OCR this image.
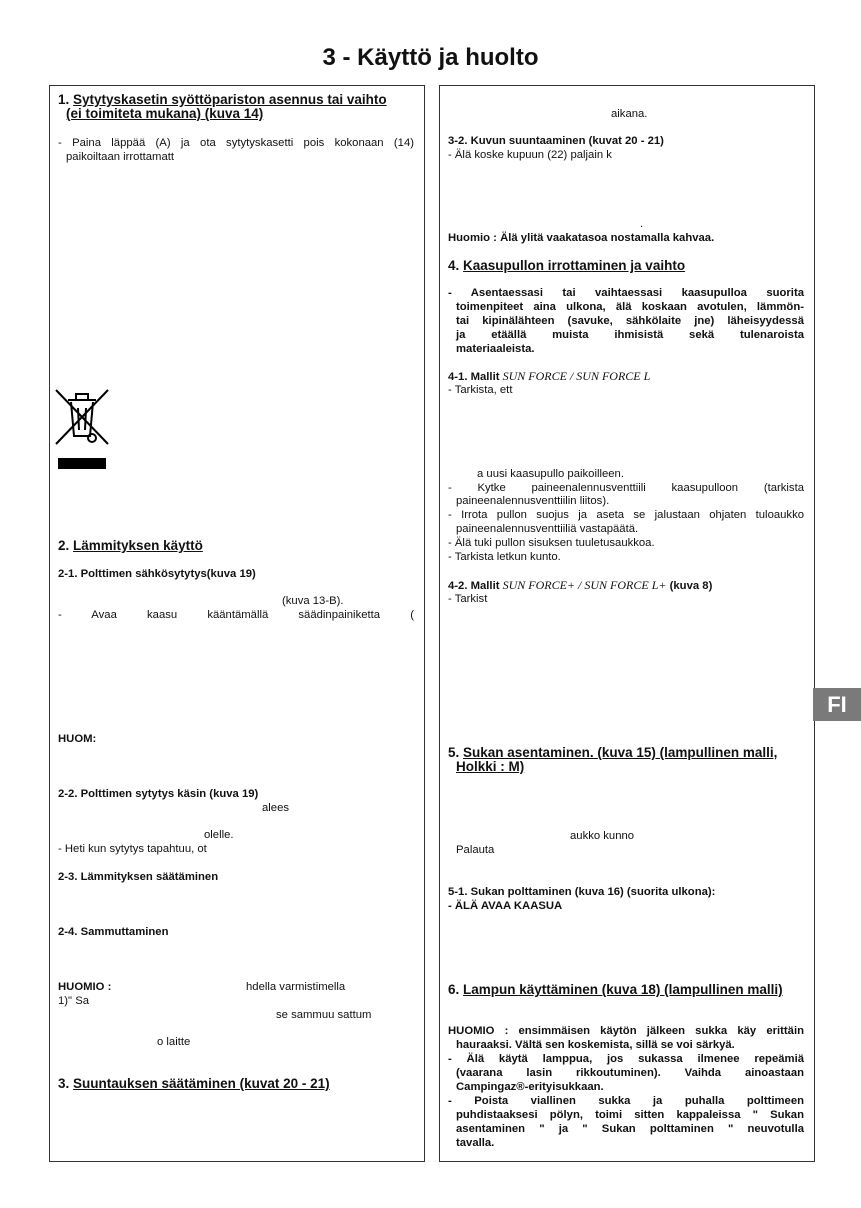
3 - Käyttö ja huolto
1. Sytytyskasetin syöttöpariston asennus tai vaihto
(ei toimiteta mukana) (kuva 14)
- Paina läppää (A) ja ota sytytyskasetti pois kokonaan (14)
paikoiltaan irrottamatt
2. Lämmityksen käyttö
2-1. Polttimen sähkösytytys(kuva 19)
(kuva 13-B).
- Avaa kaasu kääntämällä säädinpainiketta (
HUOM:
2-2. Polttimen sytytys käsin (kuva 19)
alees
olelle.
- Heti kun sytytys tapahtuu, ot
2-3. Lämmityksen säätäminen
2-4. Sammuttaminen
HUOMIO :	hdella varmistimella
1)" Sa
se sammuu sattum
o laitte
3. Suuntauksen säätäminen (kuvat 20 - 21)
aikana.
3-2. Kuvun suuntaaminen (kuvat 20 - 21)
- Älä koske kupuun (22) paljain k
.
Huomio : Älä ylitä vaakatasoa nostamalla kahvaa.
4. Kaasupullon irrottaminen ja vaihto
- Asentaessasi tai vaihtaessasi kaasupulloa suorita
toimenpiteet aina ulkona, älä koskaan avotulen, lämmön-
tai kipinälähteen (savuke, sähkölaite jne) läheisyydessä
ja etäällä muista ihmisistä sekä tulenaroista
materiaaleista.
4-1. Mallit SUN FORCE / SUN FORCE L
- Tarkista, ett
a uusi kaasupullo paikoilleen.
- Kytke paineenalennusventtiili kaasupulloon (tarkista
paineenalennusventtiilin liitos).
- Irrota pullon suojus ja aseta se jalustaan ohjaten tuloaukko
paineenalennusventtiiliä vastapäätä.
- Älä tuki pullon sisuksen tuuletusaukkoa.
- Tarkista letkun kunto.
4-2. Mallit SUN FORCE+ / SUN FORCE L+ (kuva 8)
- Tarkist
5. Sukan asentaminen. (kuva 15) (lampullinen malli,
Holkki : M)
aukko kunno
Palauta
5-1. Sukan polttaminen (kuva 16) (suorita ulkona):
- ÄLÄ AVAA KAASUA
6. Lampun käyttäminen (kuva 18) (lampullinen malli)
HUOMIO : ensimmäisen käytön jälkeen sukka käy erittäin
hauraaksi. Vältä sen koskemista, sillä se voi särkyä.
- Älä käytä lamppua, jos sukassa ilmenee repeämiä
(vaarana lasin rikkoutuminen). Vaihda ainoastaan
Campingaz®-erityisukkaan.
- Poista viallinen sukka ja puhalla polttimeen
puhdistaaksesi pölyn, toimi sitten kappaleissa " Sukan
asentaminen " ja " Sukan polttaminen " neuvotulla
tavalla.
FI
